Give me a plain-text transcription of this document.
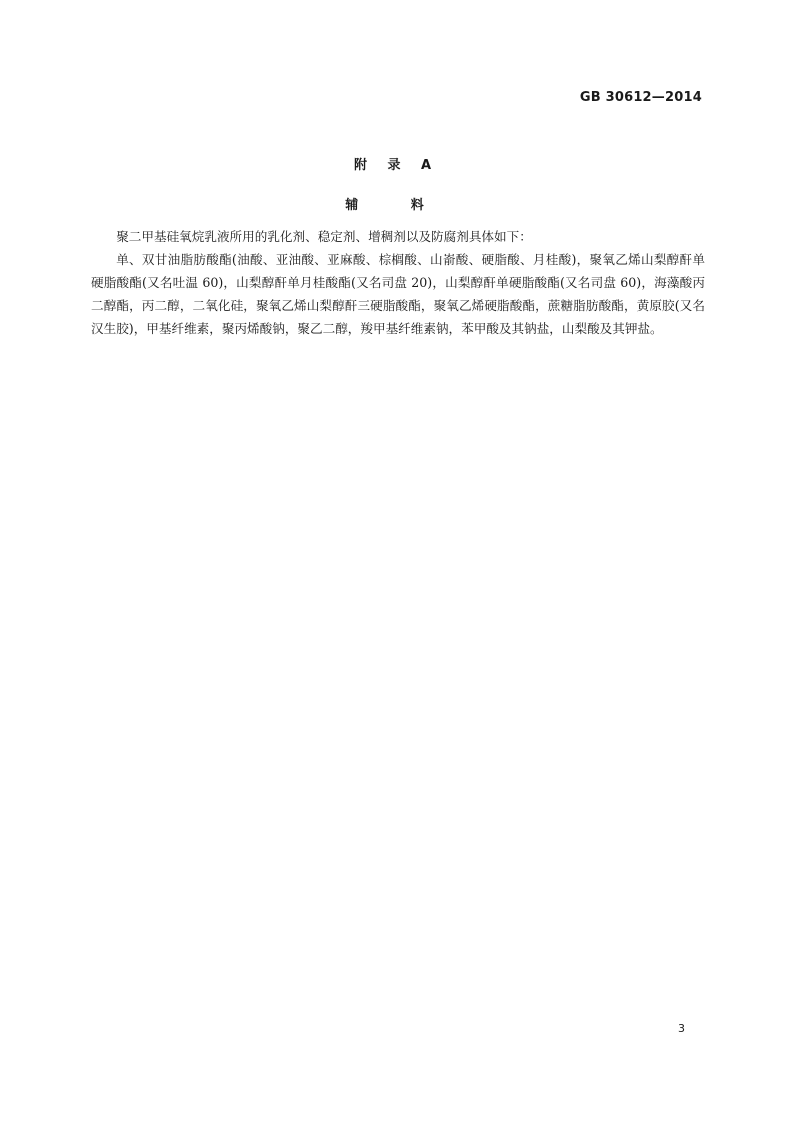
GB 30612—2014
附 录 A
辅 料

聚二甲基硅氧烷乳液所用的乳化剂、稳定剂、增稠剂以及防腐剂具体如下：

单、双甘油脂肪酸酯(油酸、亚油酸、亚麻酸、棕榈酸、山嵛酸、硬脂酸、月桂酸)，聚氧乙烯山梨醇酐单硬脂酸酯(又名吐温 60)，山梨醇酐单月桂酸酯(又名司盘 20)，山梨醇酐单硬脂酸酯(又名司盘 60)，海藻酸丙二醇酯，丙二醇，二氧化硅，聚氧乙烯山梨醇酐三硬脂酸酯，聚氧乙烯硬脂酸酯，蔗糖脂肪酸酯，黄原胶(又名汉生胶)，甲基纤维素，聚丙烯酸钠，聚乙二醇，羧甲基纤维素钠，苯甲酸及其钠盐，山梨酸及其钾盐。

3
